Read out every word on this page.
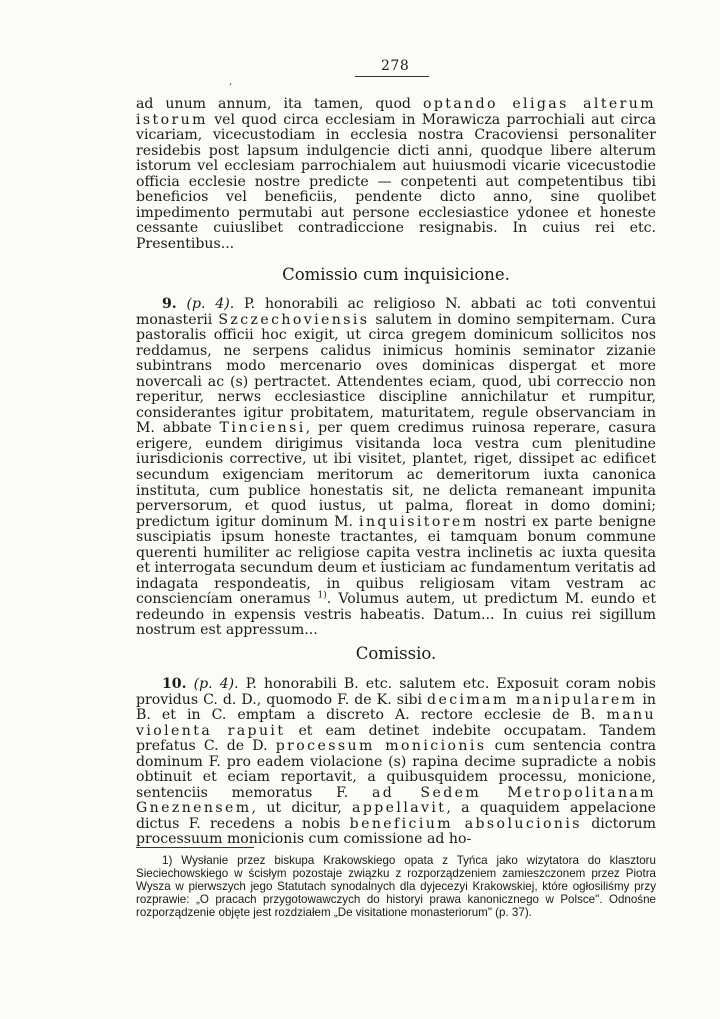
278
,

ad unum annum, ita tamen, quod optando eligas alterum istorum vel quod circa ecclesiam in Morawicza parrochiali aut circa vicariam, vicecustodiam in ecclesia nostra Cracoviensi personaliter residebis post lapsum indulgencie dicti anni, quodque libere alterum istorum vel ecclesiam parrochialem aut huiusmodi vicarie vicecustodie officia ecclesie nostre predicte — conpetenti aut competentibus tibi beneficios vel beneficiis, pendente dicto anno, sine quolibet impedimento permutabi aut persone ecclesiastice ydonee et honeste cessante cuiuslibet contradiccione resignabis. In cuius rei etc. Presentibus...

Comissio cum inquisicione.

9. (p. 4). P. honorabili ac religioso N. abbati ac toti conventui monasterii Szczechoviensis salutem in domino sempiternam. Cura pastoralis officii hoc exigit, ut circa gregem dominicum sollicitos nos reddamus, ne serpens calidus inimicus hominis seminator zizanie subintrans modo mercenario oves dominicas dispergat et more novercali ac (s) pertractet. Attendentes eciam, quod, ubi correccio non reperitur, nerws ecclesiastice discipline annichilatur et rumpitur, considerantes igitur probitatem, maturitatem, regule observanciam in M. abbate Tinciensi, per quem credimus ruinosa reperare, casura erigere, eundem dirigimus visitanda loca vestra cum plenitudine iurisdicionis corrective, ut ibi visitet, plantet, riget, dissipet ac edificet secundum exigenciam meritorum ac demeritorum iuxta canonica instituta, cum publice honestatis sit, ne delicta remaneant impunita perversorum, et quod iustus, ut palma, floreat in domo domini; predictum igitur dominum M. inquisitorem nostri ex parte benigne suscipiatis ipsum honeste tractantes, ei tamquam bonum commune querenti humiliter ac religiose capita vestra inclinetis ac iuxta quesita et interrogata secundum deum et iusticiam ac fundamentum veritatis ad indagata respondeatis, in quibus religiosam vitam vestram ac consciencíam oneramus $^{1)}$. Volumus autem, ut predictum M. eundo et redeundo in expensis vestris habeatis. Datum... In cuius rei sigillum nostrum est appressum...

Comissio.

10. (p. 4). P. honorabili B. etc. salutem etc. Exposuit coram nobis providus C. d. D., quomodo F. de K. sibi decimam manipularem in B. et in C. emptam a discreto A. rectore ecclesie de B. manu violenta rapuit et eam detinet indebite occupatam. Tandem prefatus C. de D. processum monicionis cum sentencia contra dominum F. pro eadem violacione (s) rapina decime supradicte a nobis obtinuit et eciam reportavit, a quibusquidem processu, monicione, sentenciis memoratus F. ad Sedem Metropolitanam Gneznensem, ut dicitur, appellavit, a quaquidem appelacione dictus F. recedens a nobis beneficium absolucionis dictorum processuum monicionis cum comissione ad ho-

1) Wysłanie przez biskupa Krakowskiego opata z Tyńca jako wizytatora do klasztoru Sieciechowskiego w ścisłym pozostaje związku z rozporządzeniem zamieszczonem przez Piotra Wysza w pierwszych jego Statutach synodalnych dla dyjecezyi Krakowskiej, które ogłosiliśmy przy rozprawie: „O pracach przygotowawczych do historyi prawa kanonicznego w Polsce". Odnośne rozporządzenie objęte jest rozdziałem „De visitatione monasteriorum" (p. 37).
